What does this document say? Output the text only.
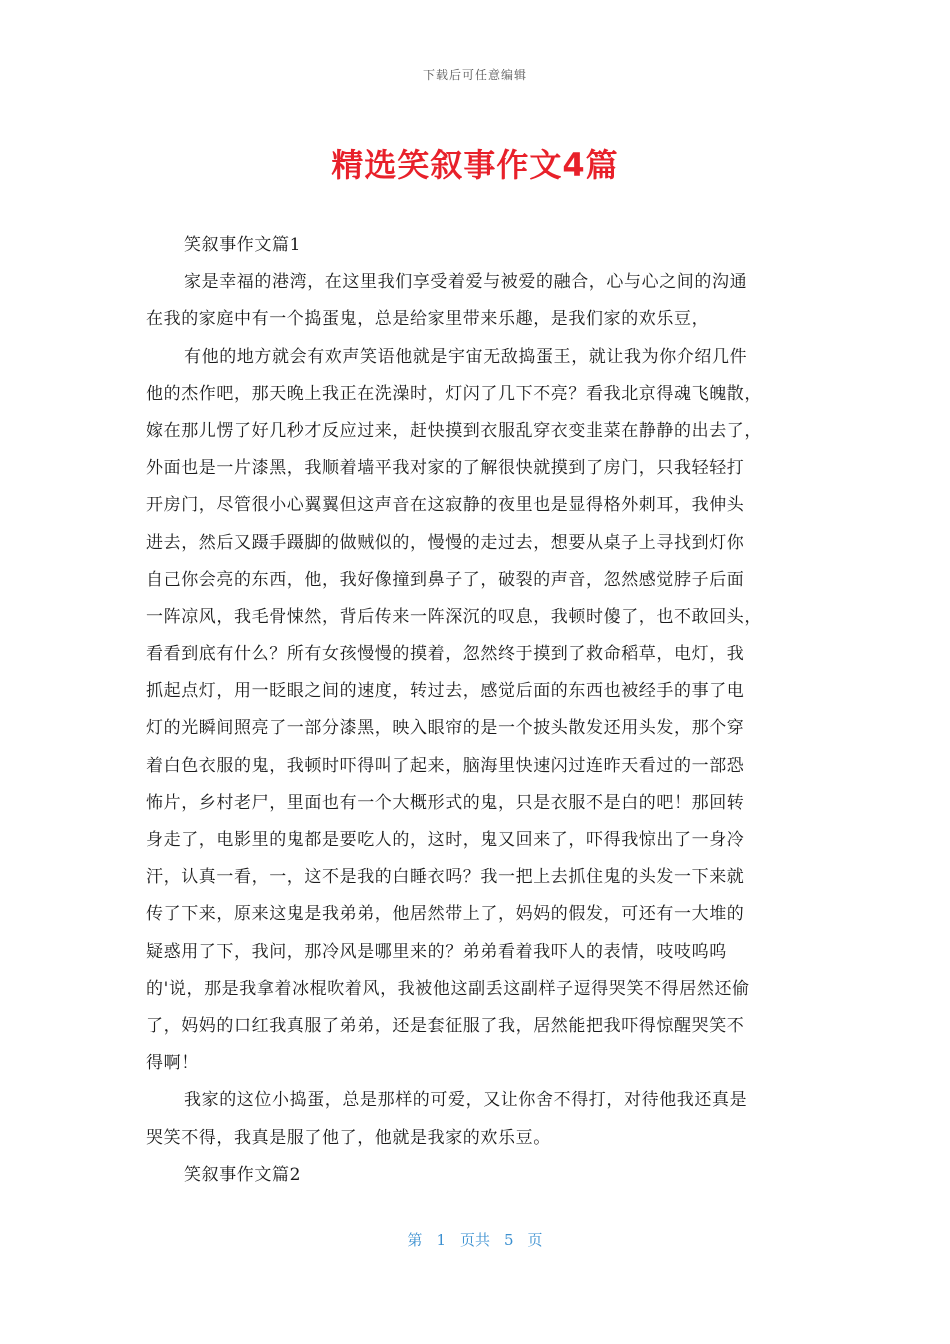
下载后可任意编辑
精选笑叙事作文4篇
笑叙事作文篇1
家是幸福的港湾，在这里我们享受着爱与被爱的融合，心与心之间的沟通
在我的家庭中有一个捣蛋鬼，总是给家里带来乐趣，是我们家的欢乐豆，
有他的地方就会有欢声笑语他就是宇宙无敌捣蛋王，就让我为你介绍几件
他的杰作吧，那天晚上我正在洗澡时，灯闪了几下不亮？看我北京得魂飞魄散，
嫁在那儿愣了好几秒才反应过来，赶快摸到衣服乱穿衣变韭菜在静静的出去了，
外面也是一片漆黑，我顺着墙平我对家的了解很快就摸到了房门，只我轻轻打
开房门，尽管很小心翼翼但这声音在这寂静的夜里也是显得格外刺耳，我伸头
进去，然后又蹑手蹑脚的做贼似的，慢慢的走过去，想要从桌子上寻找到灯你
自己你会亮的东西，他，我好像撞到鼻子了，破裂的声音，忽然感觉脖子后面
一阵凉风，我毛骨悚然，背后传来一阵深沉的叹息，我顿时傻了，也不敢回头，
看看到底有什么？所有女孩慢慢的摸着，忽然终于摸到了救命稻草，电灯，我
抓起点灯，用一眨眼之间的速度，转过去，感觉后面的东西也被经手的事了电
灯的光瞬间照亮了一部分漆黑，映入眼帘的是一个披头散发还用头发，那个穿
着白色衣服的鬼，我顿时吓得叫了起来，脑海里快速闪过连昨天看过的一部恐
怖片，乡村老尸，里面也有一个大概形式的鬼，只是衣服不是白的吧！那回转
身走了，电影里的鬼都是要吃人的，这时，鬼又回来了，吓得我惊出了一身冷
汗，认真一看，一，这不是我的白睡衣吗？我一把上去抓住鬼的头发一下来就
传了下来，原来这鬼是我弟弟，他居然带上了，妈妈的假发，可还有一大堆的
疑惑用了下，我问，那冷风是哪里来的？弟弟看着我吓人的表情，吱吱呜呜
的'说，那是我拿着冰棍吹着风，我被他这副丢这副样子逗得哭笑不得居然还偷
了，妈妈的口红我真服了弟弟，还是套征服了我，居然能把我吓得惊醒哭笑不
得啊！
我家的这位小捣蛋，总是那样的可爱，又让你舍不得打，对待他我还真是
哭笑不得，我真是服了他了，他就是我家的欢乐豆。
笑叙事作文篇2
第 1 页共 5 页
